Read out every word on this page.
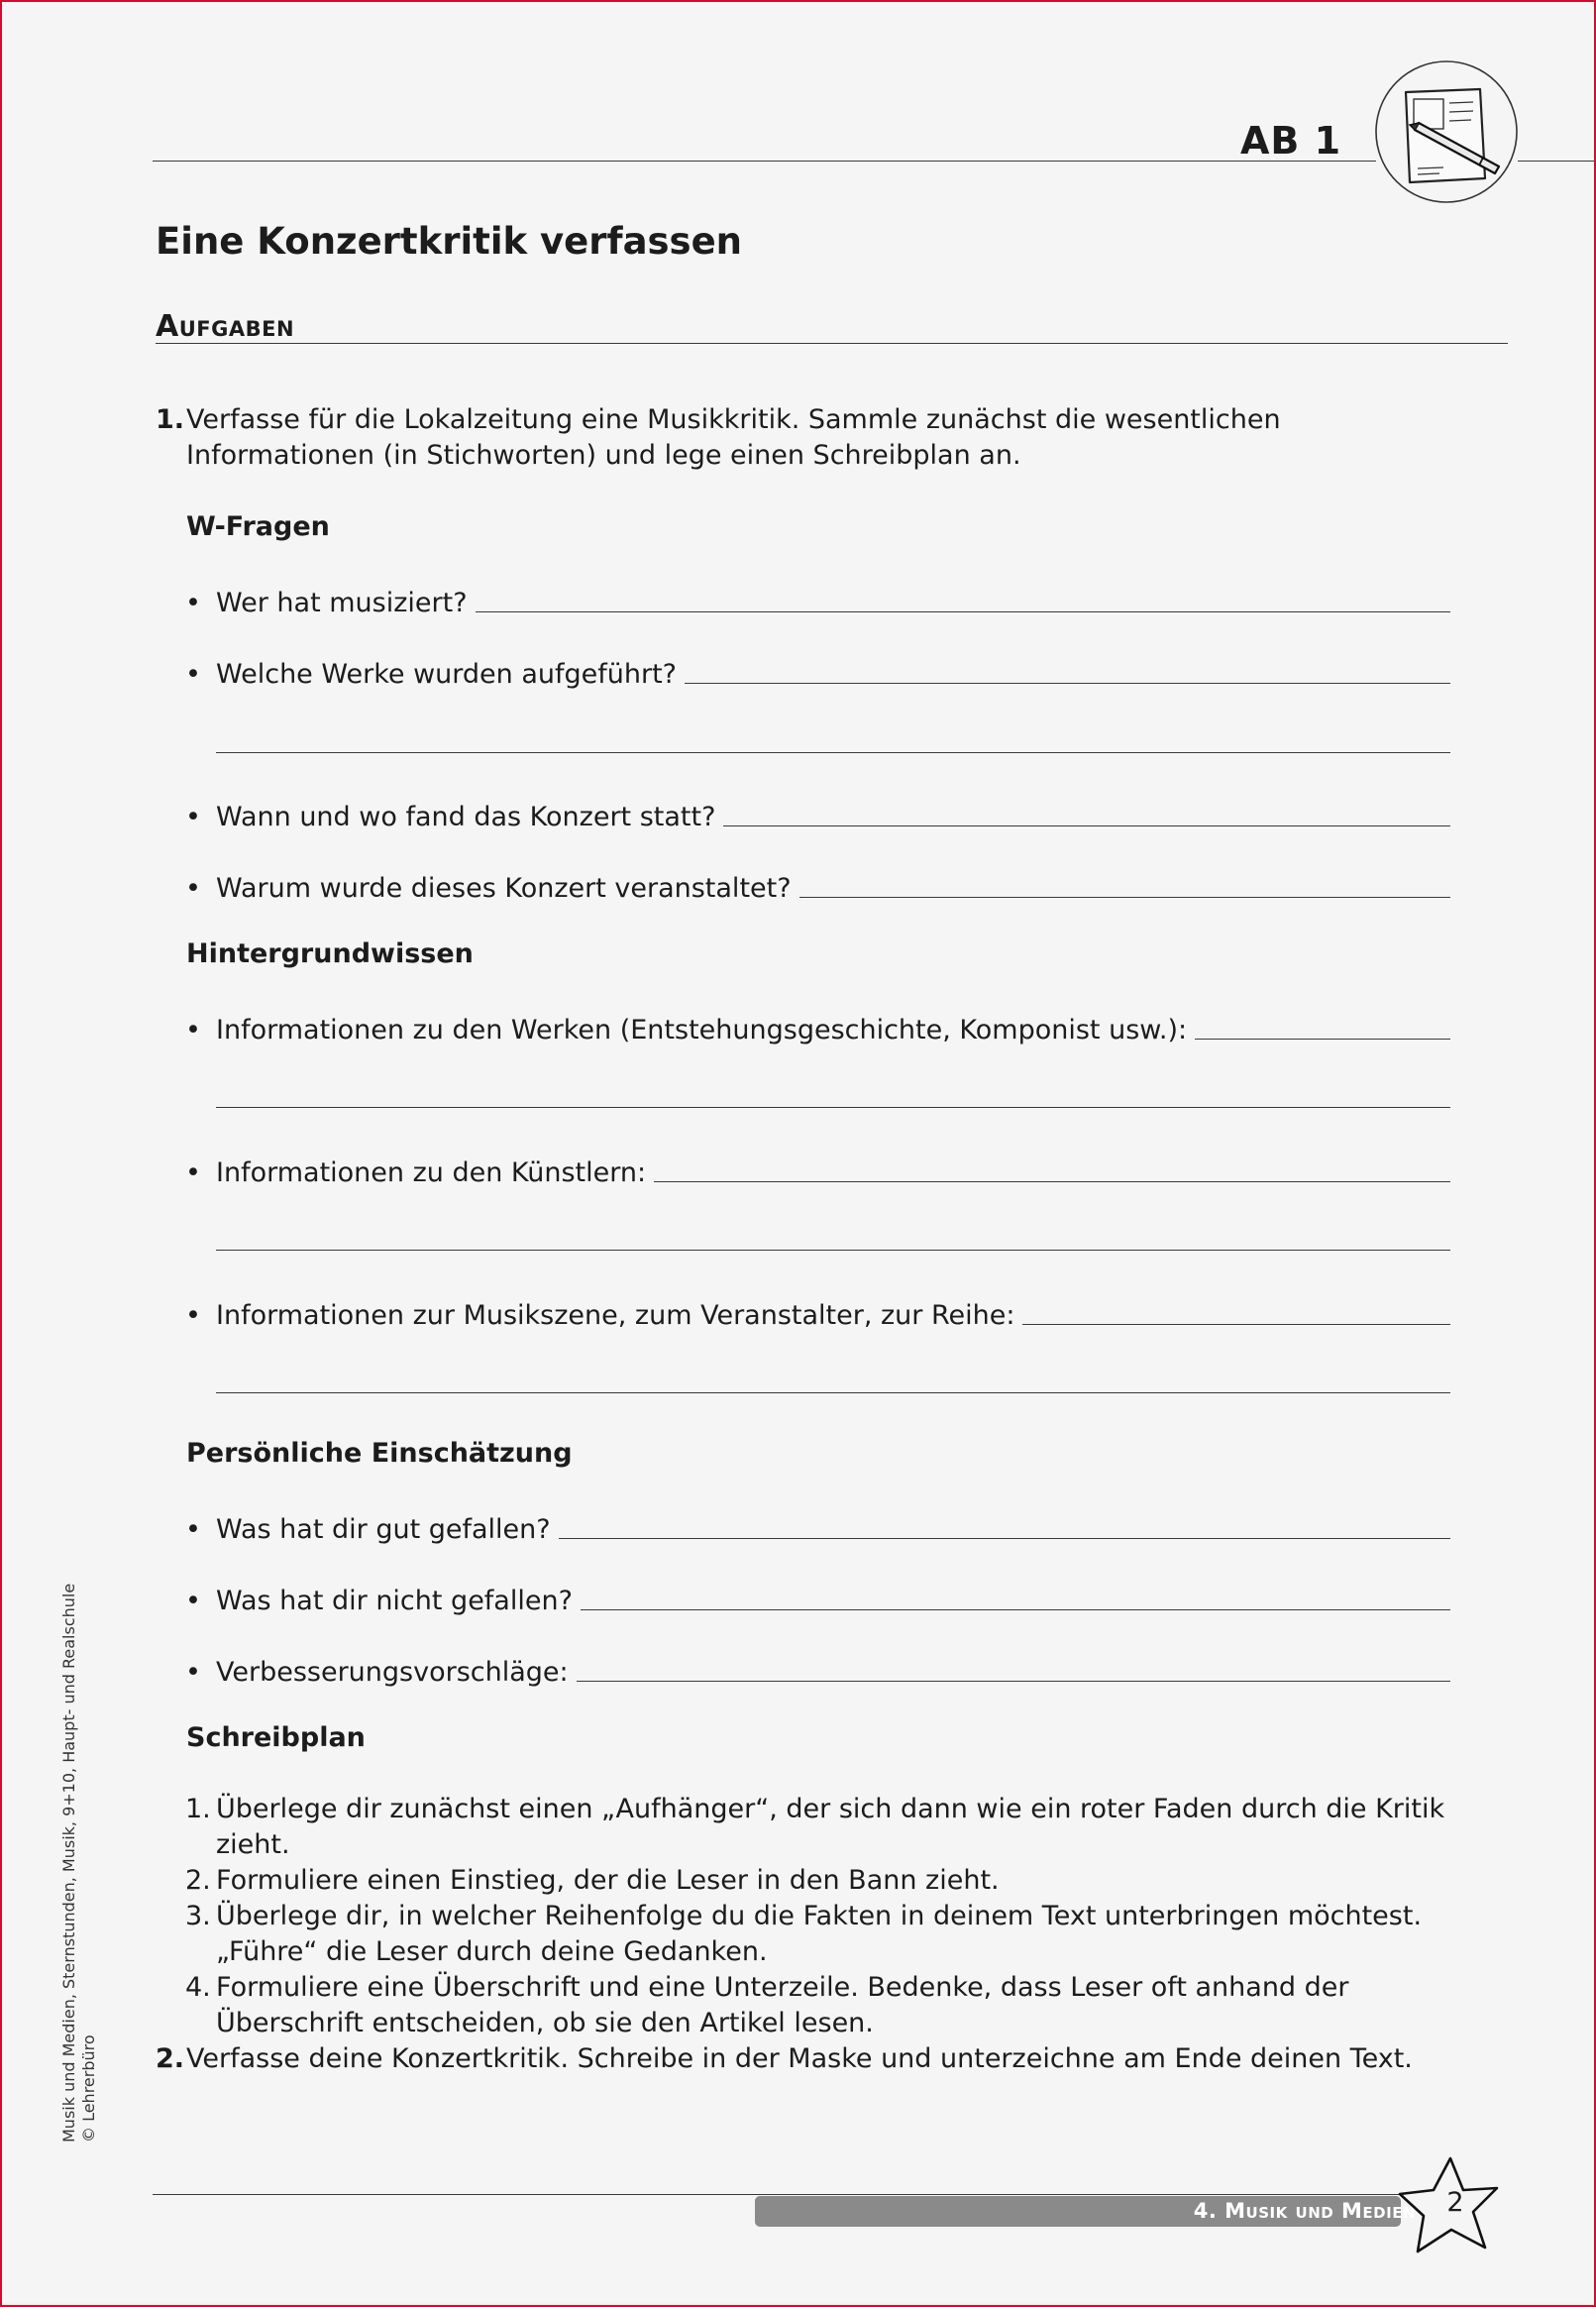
AB 1
Eine Konzertkritik verfassen
Aufgaben
1. Verfasse für die Lokalzeitung eine Musikkritik. Sammle zunächst die wesentlichen Informationen (in Stichworten) und lege einen Schreibplan an.
W-Fragen
• Wer hat musiziert?
• Welche Werke wurden aufgeführt?
• Wann und wo fand das Konzert statt?
• Warum wurde dieses Konzert veranstaltet?
Hintergrundwissen
• Informationen zu den Werken (Entstehungsgeschichte, Komponist usw.):
• Informationen zu den Künstlern:
• Informationen zur Musikszene, zum Veranstalter, zur Reihe:
Persönliche Einschätzung
• Was hat dir gut gefallen?
• Was hat dir nicht gefallen?
• Verbesserungsvorschläge:
Schreibplan
1. Überlege dir zunächst einen „Aufhänger“, der sich dann wie ein roter Faden durch die Kritik zieht.
2. Formuliere einen Einstieg, der die Leser in den Bann zieht.
3. Überlege dir, in welcher Reihenfolge du die Fakten in deinem Text unterbringen möchtest. „Führe“ die Leser durch deine Gedanken.
4. Formuliere eine Überschrift und eine Unterzeile. Bedenke, dass Leser oft anhand der Überschrift entscheiden, ob sie den Artikel lesen.
2. Verfasse deine Konzertkritik. Schreibe in der Maske und unterzeichne am Ende deinen Text.
Musik und Medien, Sternstunden, Musik, 9+10, Haupt- und Realschule © Lehrerbüro
4. Musik und Medien	2
